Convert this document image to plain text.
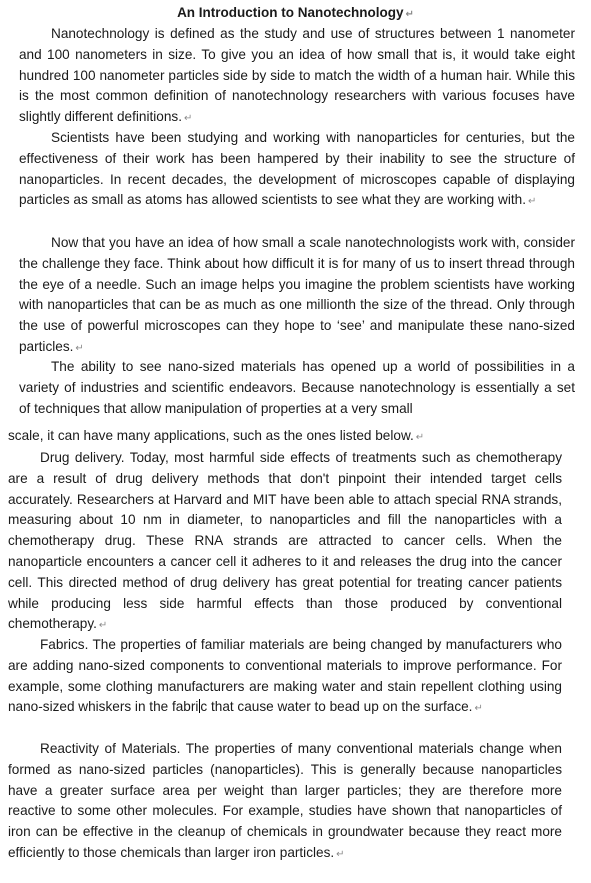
An Introduction to Nanotechnology ↵

Nanotechnology is defined as the study and use of structures between 1 nanometer and 100 nanometers in size. To give you an idea of how small that is, it would take eight hundred 100 nanometer particles side by side to match the width of a human hair. While this is the most common definition of nanotechnology researchers with various focuses have slightly different definitions. ↵

Scientists have been studying and working with nanoparticles for centuries, but the effectiveness of their work has been hampered by their inability to see the structure of nanoparticles. In recent decades, the development of microscopes capable of displaying particles as small as atoms has allowed scientists to see what they are working with. ↵

Now that you have an idea of how small a scale nanotechnologists work with, consider the challenge they face. Think about how difficult it is for many of us to insert thread through the eye of a needle. Such an image helps you imagine the problem scientists have working with nanoparticles that can be as much as one millionth the size of the thread. Only through the use of powerful microscopes can they hope to ‘see’ and manipulate these nano-sized particles. ↵

The ability to see nano-sized materials has opened up a world of possibilities in a variety of industries and scientific endeavors. Because nanotechnology is essentially a set of techniques that allow manipulation of properties at a very small

scale, it can have many applications, such as the ones listed below. ↵

Drug delivery. Today, most harmful side effects of treatments such as chemotherapy are a result of drug delivery methods that don't pinpoint their intended target cells accurately. Researchers at Harvard and MIT have been able to attach special RNA strands, measuring about 10 nm in diameter, to nanoparticles and fill the nanoparticles with a chemotherapy drug. These RNA strands are attracted to cancer cells. When the nanoparticle encounters a cancer cell it adheres to it and releases the drug into the cancer cell. This directed method of drug delivery has great potential for treating cancer patients while producing less side harmful effects than those produced by conventional chemotherapy. ↵

Fabrics. The properties of familiar materials are being changed by manufacturers who are adding nano-sized components to conventional materials to improve performance. For example, some clothing manufacturers are making water and stain repellent clothing using nano-sized whiskers in the fabri c that cause water to bead up on the surface. ↵

Reactivity of Materials. The properties of many conventional materials change when formed as nano-sized particles (nanoparticles). This is generally because nanoparticles have a greater surface area per weight than larger particles; they are therefore more reactive to some other molecules. For example, studies have shown that nanoparticles of iron can be effective in the cleanup of chemicals in groundwater because they react more efficiently to those chemicals than larger iron particles. ↵
